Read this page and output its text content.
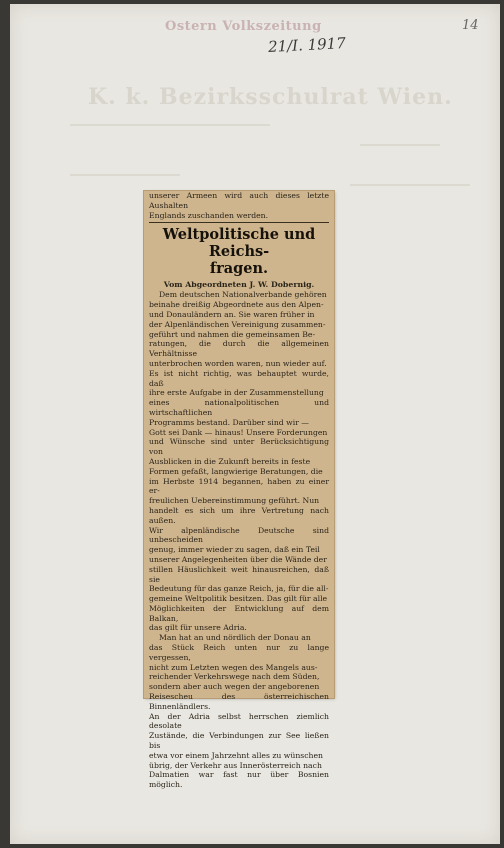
Ostern Volkszeitung
21/I. 1917
14
K. k. Bezirksschulrat Wien.

unserer Armeen wird auch dieses letzte Aushalten

Englands zuschanden werden.

Weltpolitische und Reichs-
fragen.
Vom Abgeordneten J. W. Dobernig.

Dem deutschen Nationalverbande gehören

beinahe dreißig Abgeordnete aus den Alpen-

und Donauländern an. Sie waren früher in

der Alpenländischen Vereinigung zusammen-

geführt und nahmen die gemeinsamen Be-

ratungen, die durch die allgemeinen Verhältnisse

unterbrochen worden waren, nun wieder auf.

Es ist nicht richtig, was behauptet wurde, daß

ihre erste Aufgabe in der Zusammenstellung

eines nationalpolitischen und wirtschaftlichen

Programms bestand. Darüber sind wir —

Gott sei Dank — hinaus! Unsere Forderungen

und Wünsche sind unter Berücksichtigung von

Ausblicken in die Zukunft bereits in feste

Formen gefaßt, langwierige Beratungen, die

im Herbste 1914 begannen, haben zu einer er-

freulichen Uebereinstimmung geführt. Nun

handelt es sich um ihre Vertretung nach außen.

Wir alpenländische Deutsche sind unbescheiden

genug, immer wieder zu sagen, daß ein Teil

unserer Angelegenheiten über die Wände der

stillen Häuslichkeit weit hinausreichen, daß sie

Bedeutung für das ganze Reich, ja, für die all-

gemeine Weltpolitik besitzen. Das gilt für alle

Möglichkeiten der Entwicklung auf dem Balkan,

das gilt für unsere Adria.

Man hat an und nördlich der Donau an

das Stück Reich unten nur zu lange vergessen,

nicht zum Letzten wegen des Mangels aus-

reichender Verkehrswege nach dem Süden,

sondern aber auch wegen der angeborenen

Reisescheu des österreichischen Binnenländlers.

An der Adria selbst herrschen ziemlich desolate

Zustände, die Verbindungen zur See ließen bis

etwa vor einem Jahrzehnt alles zu wünschen

übrig, der Verkehr aus Innerösterreich nach

Dalmatien war fast nur über Bosnien möglich.
